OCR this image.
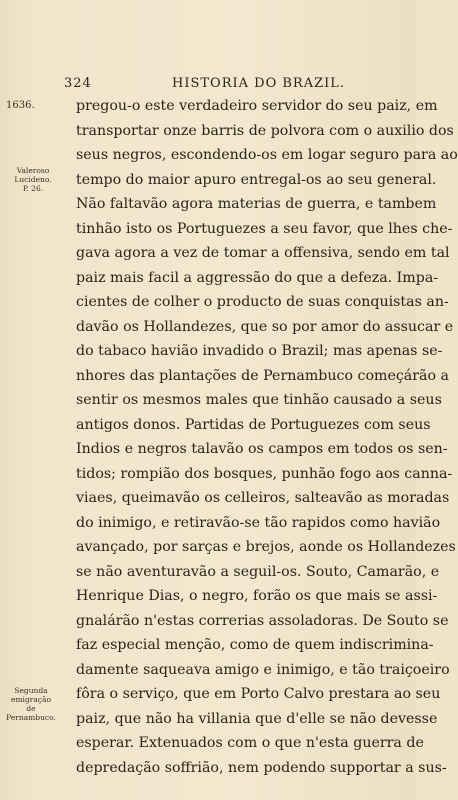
324	HISTORIA DO BRAZIL.
1636.
Valeroso
Lucideno.
P. 26.
Segunda
emigração
de
Pernambuco.
pregou-o este verdadeiro servidor do seu paiz, em
transportar onze barris de polvora com o auxilio dos
seus negros, escondendo-os em logar seguro para ao
tempo do maior apuro entregal-os ao seu general.
Não faltavão agora materias de guerra, e tambem
tinhão isto os Portuguezes a seu favor, que lhes che-
gava agora a vez de tomar a offensiva, sendo em tal
paiz mais facil a aggressão do que a defeza. Impa-
cientes de colher o producto de suas conquistas an-
davão os Hollandezes, que so por amor do assucar e
do tabaco havião invadido o Brazil; mas apenas se-
nhores das plantações de Pernambuco começárão a
sentir os mesmos males que tinhão causado a seus
antigos donos. Partidas de Portuguezes com seus
Indios e negros talavão os campos em todos os sen-
tidos; rompião dos bosques, punhão fogo aos canna-
viaes, queimavão os celleiros, salteavão as moradas
do inimigo, e retiravão-se tão rapidos como havião
avançado, por sarças e brejos, aonde os Hollandezes
se não aventuravão a seguil-os. Souto, Camarão, e
Henrique Dias, o negro, forão os que mais se assi-
gnalárão n'estas correrias assoladoras. De Souto se
faz especial menção, como de quem indiscrimina-
damente saqueava amigo e inimigo, e tão traiçoeiro
fôra o serviço, que em Porto Calvo prestara ao seu
paiz, que não ha villania que d'elle se não devesse
esperar. Extenuados com o que n'esta guerra de
depredação soffrião, nem podendo supportar a sus-
